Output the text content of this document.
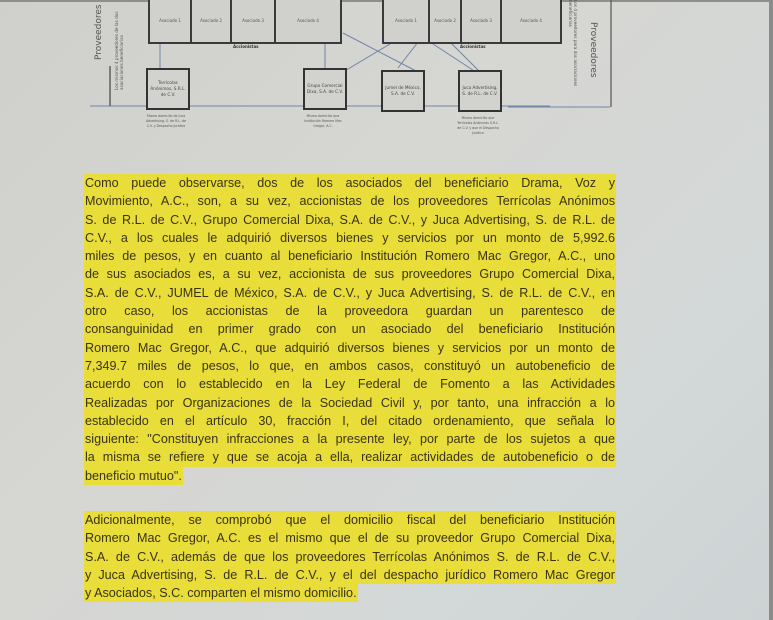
Asociado 1	Asociado 2	Asociado 3	Asociado 4
Accionistas
Asociado 1	Asociado 2	Asociado 3	Asociado 4
Accionistas
Proveedores Los mismos 4 proveedores de las dos asociaciones beneficiarias	Los 4 proveedores para dos asociaciones beneficiarias
Proveedores
Terrícolas Anónimos, S.R.L. de C.V.
Mismo domicilio de Juca Advertising, S. de R.L. de C.V. y Despacho Jurídico
Grupo Comercial Dixa, S.A. de C.V.
Mismo domicilio que Institución Romero Mac Gregor, A.C.
Jumel de México, S.A. de C.V.
Juca Advertising, S. de R.L. de C.V.
Mismo domicilio que Terrícolas Anónimos S.R.L. de C.V. y que el Despacho Jurídico
Como puede observarse, dos de los asociados del beneficiario Drama, Voz y
Movimiento, A.C., son, a su vez, accionistas de los proveedores Terrícolas Anónimos
S. de R.L. de C.V., Grupo Comercial Dixa, S.A. de C.V., y Juca Advertising, S. de R.L. de
C.V., a los cuales le adquirió diversos bienes y servicios por un monto de 5,992.6
miles de pesos, y en cuanto al beneficiario Institución Romero Mac Gregor, A.C., uno
de sus asociados es, a su vez, accionista de sus proveedores Grupo Comercial Dixa,
S.A. de C.V., JUMEL de México, S.A. de C.V., y Juca Advertising, S. de R.L. de C.V., en
otro caso, los accionistas de la proveedora guardan un parentesco de
consanguinidad en primer grado con un asociado del beneficiario Institución
Romero Mac Gregor, A.C., que adquirió diversos bienes y servicios por un monto de
7,349.7 miles de pesos, lo que, en ambos casos, constituyó un autobeneficio de
acuerdo con lo establecido en la Ley Federal de Fomento a las Actividades
Realizadas por Organizaciones de la Sociedad Civil y, por tanto, una infracción a lo
establecido en el artículo 30, fracción I, del citado ordenamiento, que señala lo
siguiente: "Constituyen infracciones a la presente ley, por parte de los sujetos a que
la misma se refiere y que se acoja a ella, realizar actividades de autobeneficio o de
beneficio mutuo".
Adicionalmente, se comprobó que el domicilio fiscal del beneficiario Institución
Romero Mac Gregor, A.C. es el mismo que el de su proveedor Grupo Comercial Dixa,
S.A. de C.V., además de que los proveedores Terrícolas Anónimos S. de R.L. de C.V.,
y Juca Advertising, S. de R.L. de C.V., y el del despacho jurídico Romero Mac Gregor
y Asociados, S.C. comparten el mismo domicilio.
